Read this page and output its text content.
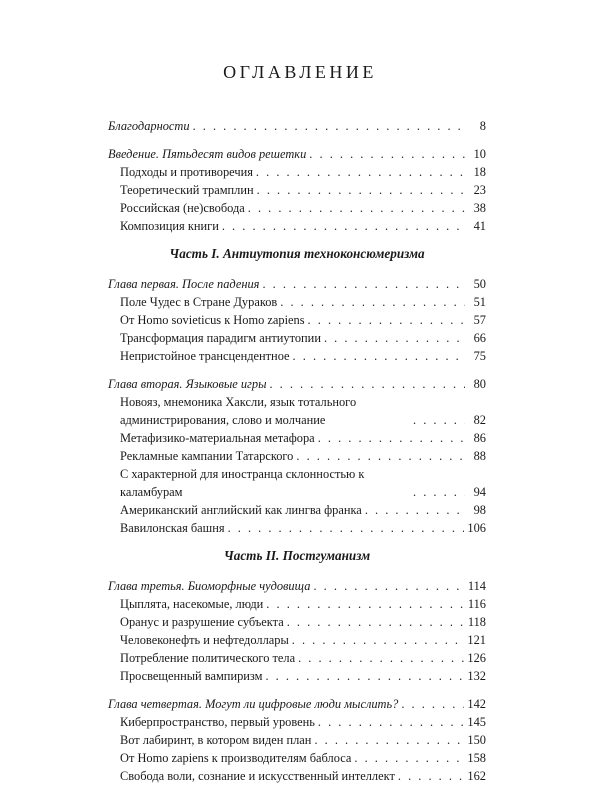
ОГЛАВЛЕНИЕ
Благодарности . . .	8
Введение. Пятьдесят видов решетки . . .	10
Подходы и противоречия . . .	18
Теоретический трамплин . . .	23
Российская (не)свобода . . .	38
Композиция книги . . .	41
Часть I. Антиутопия техноконсюмеризма
Глава первая. После падения . . .	50
Поле Чудес в Стране Дураков . . .	51
От Homo sovieticus к Homo zapiens . . .	57
Трансформация парадигм антиутопии . . .	66
Непристойное трансцендентное . . .	75
Глава вторая. Языковые игры . . .	80
Новояз, мнемоника Хаксли, язык тотального администрирования, слово и молчание . . .	82
Метафизико-материальная метафора . . .	86
Рекламные кампании Татарского . . .	88
С характерной для иностранца склонностью к каламбурам . . .	94
Американский английский как лингва франка . . .	98
Вавилонская башня . . .	106
Часть II. Постгуманизм
Глава третья. Биоморфные чудовища . . .	114
Цыплята, насекомые, люди . . .	116
Оранус и разрушение субъекта . . .	118
Человеконефть и нефтедоллары . . .	121
Потребление политического тела . . .	126
Просвещенный вампиризм . . .	132
Глава четвертая. Могут ли цифровые люди мыслить? . . .	142
Киберпространство, первый уровень . . .	145
Вот лабиринт, в котором виден план . . .	150
От Homo zapiens к производителям баблоса . . .	158
Свобода воли, сознание и искусственный интеллект . . .	162
